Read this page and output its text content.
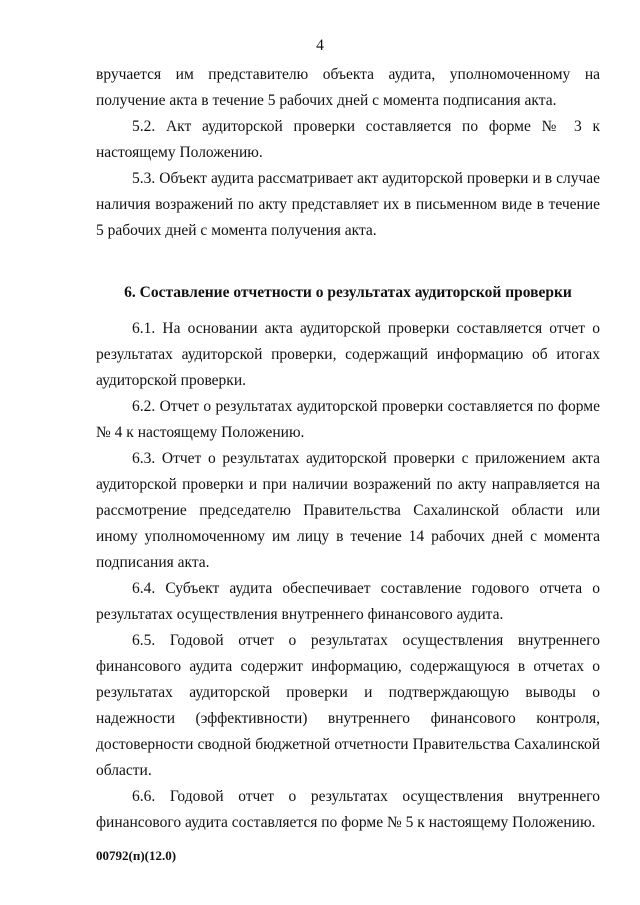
4

вручается им представителю объекта аудита, уполномоченному на получение акта в течение 5 рабочих дней с момента подписания акта.

5.2. Акт аудиторской проверки составляется по форме № 3 к настоящему Положению.

5.3. Объект аудита рассматривает акт аудиторской проверки и в случае наличия возражений по акту представляет их в письменном виде в течение 5 рабочих дней с момента получения акта.

6. Составление отчетности о результатах аудиторской проверки

6.1. На основании акта аудиторской проверки составляется отчет о результатах аудиторской проверки, содержащий информацию об итогах аудиторской проверки.

6.2. Отчет о результатах аудиторской проверки составляется по форме № 4 к настоящему Положению.

6.3. Отчет о результатах аудиторской проверки с приложением акта аудиторской проверки и при наличии возражений по акту направляется на рассмотрение председателю Правительства Сахалинской области или иному уполномоченному им лицу в течение 14 рабочих дней с момента подписания акта.

6.4. Субъект аудита обеспечивает составление годового отчета о результатах осуществления внутреннего финансового аудита.

6.5. Годовой отчет о результатах осуществления внутреннего финансового аудита содержит информацию, содержащуюся в отчетах о результатах аудиторской проверки и подтверждающую выводы о надежности (эффективности) внутреннего финансового контроля, достоверности сводной бюджетной отчетности Правительства Сахалинской области.

6.6. Годовой отчет о результатах осуществления внутреннего финансового аудита составляется по форме № 5 к настоящему Положению.

00792(п)(12.0)
